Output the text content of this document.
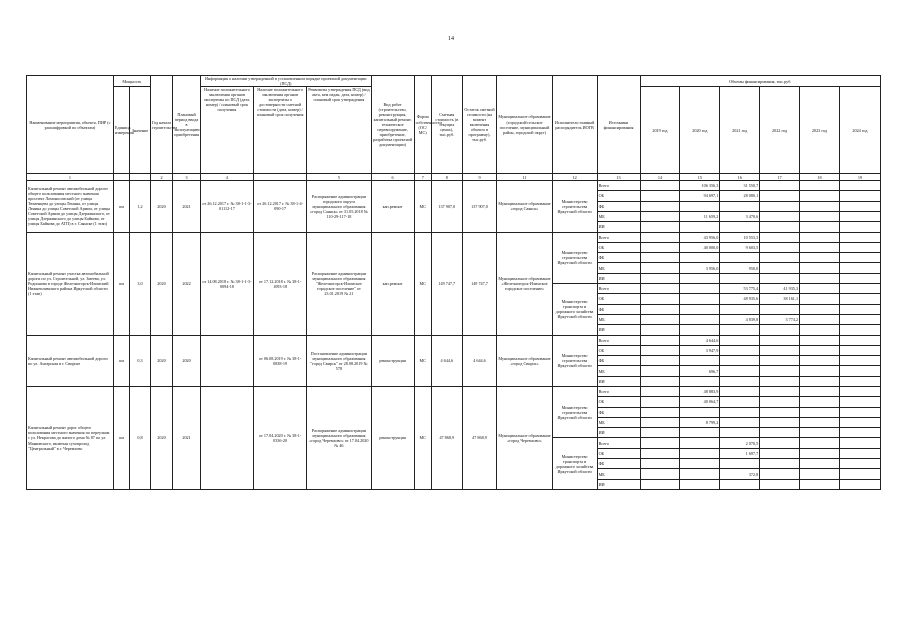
14
Наименование мероприятия, объекта, ПИР (с расшифровкой по объектам)	Мощность		Год начала строительства	Плановый период ввода в эксплуатацию/приобретения	Информация о наличии утвержденной в установленном порядке проектной документации (ПСД)			Вид работ (строительство, реконструкция, капитальный ремонт, техническое перевооружение, приобретение, разработка проектной документации)	Форма собственности (ОС/МС)	Сметная стоимость (в текущих ценах), тыс.руб.	Остаток сметной стоимости (на момент включения объекта в программу), тыс.руб.	Муниципальное образование (городской/сельское поселение, муниципальный район, городской округ)	Исполнитель-главный распорядитель ИОГВ	Источники финансирования	Объемы финансирования, тыс.руб.					
	Единица измерения	Значение			Наличие положительного заключения органов экспертизы по ПСД (дата, номер) / плановый срок получения	Наличие положительного заключения органов экспертизы о достоверности сметной стоимости (дата, номер) / плановый срок получения	Реквизиты утверждения ПСД (вид акта, кем издан, дата, номер) / плановый срок утверждения								2019 год	2020 год	2021 год	2022 год	2023 год	2024 год

1			2	3	4		5	6	7	8	9	11	12	13	14	15	16	17	18	19
Капитальный ремонт автомобильной дороги общего пользования местного значения проспект Ломоносовский (от улицы Тюменцева до улицы Ленина, от улицы Ленина до улицы Советской Армии, от улицы Советской Армии до улицы Дзержинского, от улицы Дзержинского до улицы Байкова, от улицы Байкова до АТП) в г. Саянске (1 этап)	км	1,2	2020	2021	от 26.12.2017 г. № 38-1-1-3-01112-17	от 26.12.2017 г. № 38-1-4-090-17	Распоряжение администрации городского округа муниципального образования «город Саянск» от 31.05.2018 № 110-29-117-18	кап.ремонт	МС	137 907,0	137 907,0	Муниципальное образование «город Саянск»	Министерство строительства Иркутской области	Всего		106 356,3	31 550,7			
														ОБ		94 697,1	28 080,1			
														ФБ						
														МБ		11 659,2	3 470,6			
														ИИ						
Капитальный ремонт участка автомобильной дороги по ул. Строительной, ул. Змеева, ул. Родионова в городе Железногорск-Илимский Нижнеилимского района Иркутской области (1 этап)	км	3,0	2020	2022	от 14.08.2018 г. № 38-1-1-3-0094-18	от 17.12.2018 г. № 38-1-1093-18	Распоряжение администрации муниципального образования "Железногорск-Илимское городское поселение" от 23.01.2019 № 21	кап.ремонт	МС	149 747,7	149 747,7	Муниципальное образование «Железногорск-Илимское городское поселение»	Министерство строительства Иркутской области	Всего		43 956,0	10 553,3			
														ОБ		40 000,0	9 603,5			
														ФБ						
														МБ		3 956,0	950,0			
														ИИ						
													Министерство транспорта и дорожного хозяйства Иркутской области	Всего			53 775,4	41 935,3		
														ОБ			48 935,6	38 161,1		
														ФБ						
														МБ			4 839,8	3 774,2		
														ИИ						
Капитальный ремонт автомобильной дороги по ул. Ангарская в г. Свирске	км	0,3	2020	2020		от 06.08.2019 г. № 38-1-0838-19	Постановление администрации муниципального образования "город Свирск" от 28.08.2019 № 578	реконструкция	МС	4 644,6	4 644,6	Муниципальное образование «город Свирск»	Министерство строительства Иркутской области	Всего		4 644,6				
														ОБ		3 947,9				
														ФБ						
														МБ		696,7				
														ИИ						
Капитальный ремонт дорог общего пользования местного значения по переулкам с ул. Некрасова до жилого дома № 87 по ул. Маяковского, включая сухопроход "Центральный" в г. Черемхово	км	0,8	2020	2021		от 17.04.2020 г. № 38-1-0336-20	Распоряжение администрации муниципального образования «город Черемхово» от 17.04.2020 № 46	реконструкция	МС	47 868,9	47 868,9	Муниципальное образование «город Черемхово»	Министерство строительства Иркутской области	Всего		48 883,9				
														ОБ		40 064,7				
														ФБ						
														МБ		8 799,2				
														ИИ						
													Министерство транспорта и дорожного хозяйства Иркутской области	Всего			2 070,5			
														ОБ			1 697,7			
														ФБ						
														МБ			372,8			
														ИИ						
